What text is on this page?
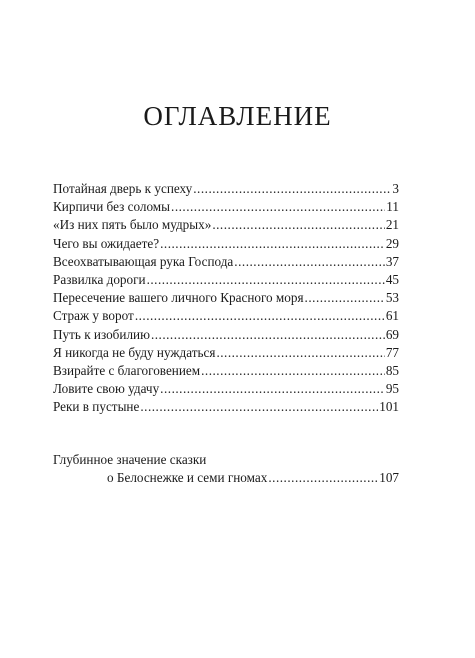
ОГЛАВЛЕНИЕ
Потайная дверь к успеху .....	3
Кирпичи без соломы .....	11
«Из них пять было мудрых» .....	21
Чего вы ожидаете? .....	29
Всеохватывающая рука Господа .....	37
Развилка дороги .....	45
Пересечение вашего личного Красного моря .....	53
Страж у ворот .....	61
Путь к изобилию .....	69
Я никогда не буду нуждаться .....	77
Взирайте с благоговением .....	85
Ловите свою удачу .....	95
Реки в пустыне .....	101
Глубинное значение сказки
о Белоснежке и семи гномах .....	107
